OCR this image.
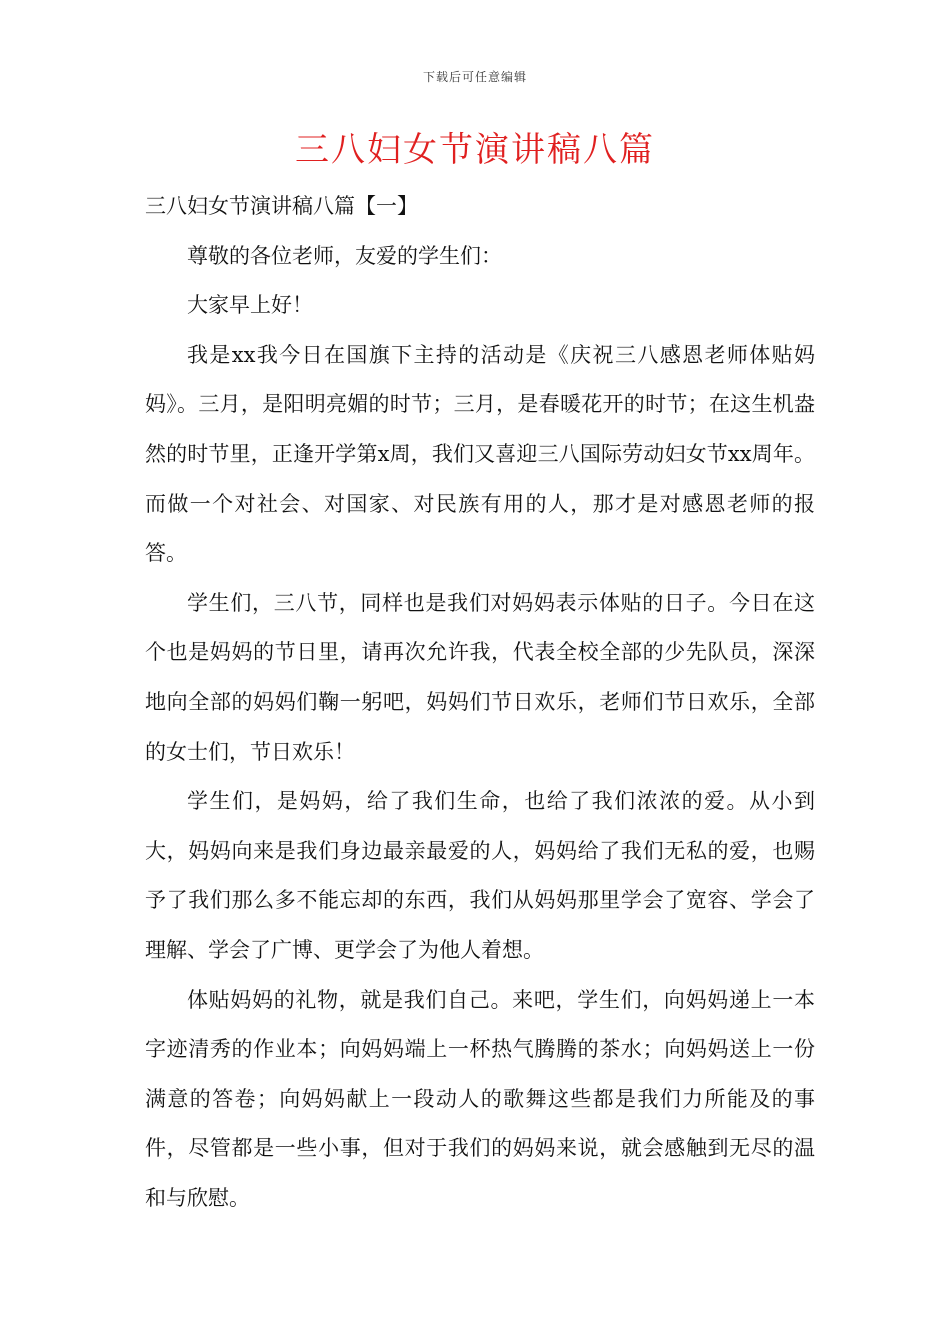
下载后可任意编辑
三八妇女节演讲稿八篇

三八妇女节演讲稿八篇【一】

尊敬的各位老师，友爱的学生们：

大家早上好！

我是xx我今日在国旗下主持的活动是《庆祝三八感恩老师体贴妈妈》。三月，是阳明亮媚的时节；三月，是春暖花开的时节；在这生机盎然的时节里，正逢开学第x周，我们又喜迎三八国际劳动妇女节xx周年。而做一个对社会、对国家、对民族有用的人，那才是对感恩老师的报答。

学生们，三八节，同样也是我们对妈妈表示体贴的日子。今日在这个也是妈妈的节日里，请再次允许我，代表全校全部的少先队员，深深地向全部的妈妈们鞠一躬吧，妈妈们节日欢乐，老师们节日欢乐，全部的女士们，节日欢乐！

学生们，是妈妈，给了我们生命，也给了我们浓浓的爱。从小到大，妈妈向来是我们身边最亲最爱的人，妈妈给了我们无私的爱，也赐予了我们那么多不能忘却的东西，我们从妈妈那里学会了宽容、学会了理解、学会了广博、更学会了为他人着想。

体贴妈妈的礼物，就是我们自己。来吧，学生们，向妈妈递上一本字迹清秀的作业本；向妈妈端上一杯热气腾腾的茶水；向妈妈送上一份满意的答卷；向妈妈献上一段动人的歌舞这些都是我们力所能及的事件，尽管都是一些小事，但对于我们的妈妈来说，就会感触到无尽的温和与欣慰。
